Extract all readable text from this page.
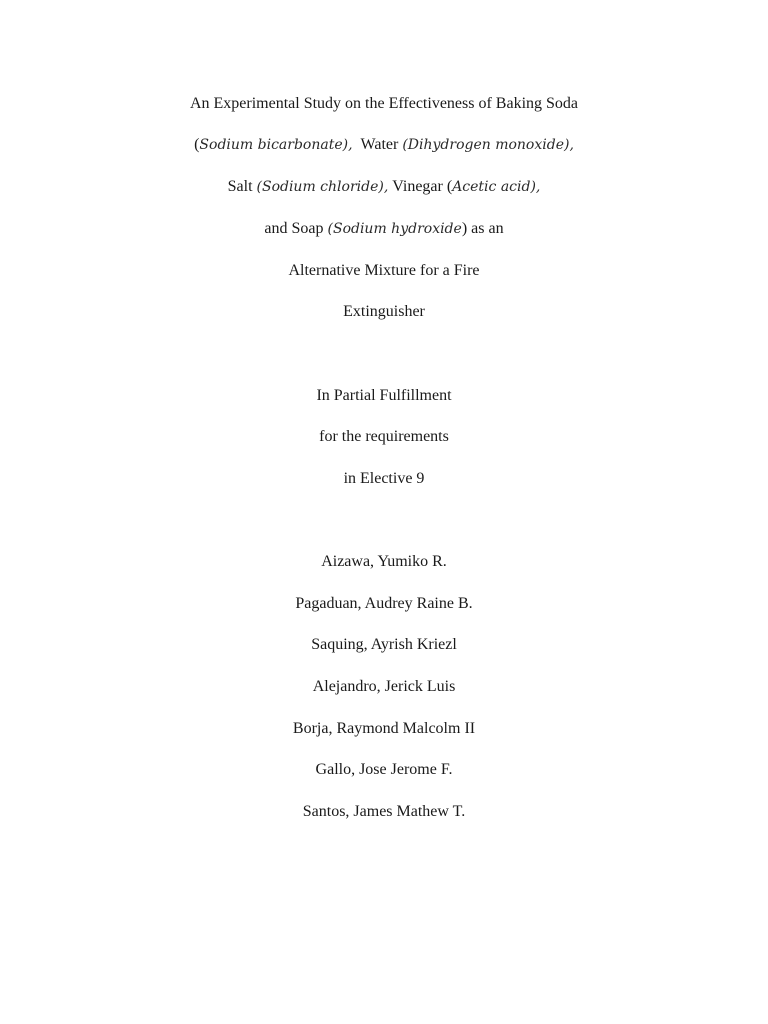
An Experimental Study on the Effectiveness of Baking Soda
(Sodium bicarbonate), Water (Dihydrogen monoxide),
Salt (Sodium chloride), Vinegar (Acetic acid),
and Soap (Sodium hydroxide) as an
Alternative Mixture for a Fire
Extinguisher
In Partial Fulfillment
for the requirements
in Elective 9
Aizawa, Yumiko R.
Pagaduan, Audrey Raine B.
Saquing, Ayrish Kriezl
Alejandro, Jerick Luis
Borja, Raymond Malcolm II
Gallo, Jose Jerome F.
Santos, James Mathew T.
